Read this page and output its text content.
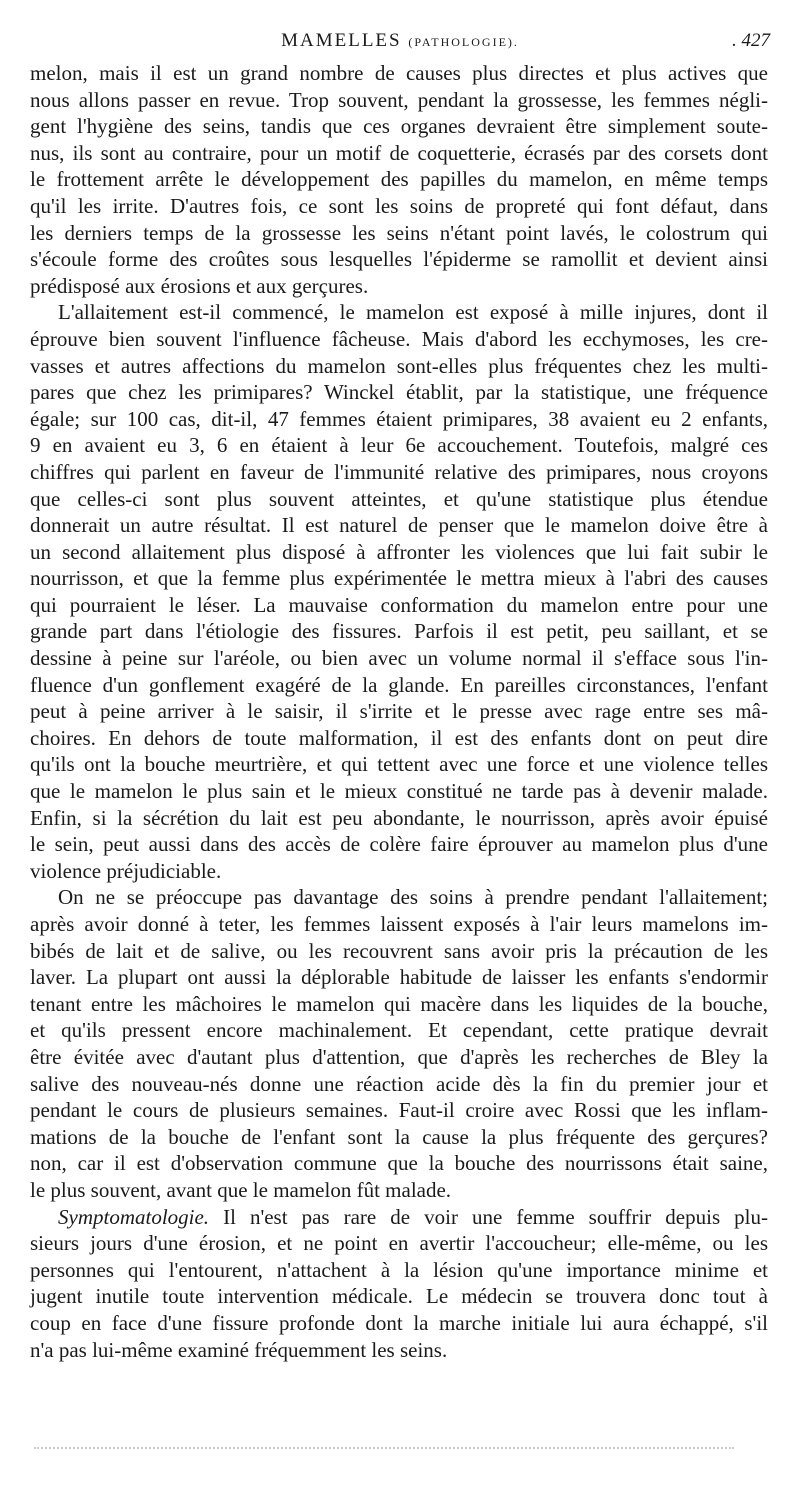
MAMELLES (PATHOLOGIE).	. 427
melon, mais il est un grand nombre de causes plus directes et plus actives que
nous allons passer en revue. Trop souvent, pendant la grossesse, les femmes négli-
gent l'hygiène des seins, tandis que ces organes devraient être simplement soute-
nus, ils sont au contraire, pour un motif de coquetterie, écrasés par des corsets dont
le frottement arrête le développement des papilles du mamelon, en même temps
qu'il les irrite. D'autres fois, ce sont les soins de propreté qui font défaut, dans
les derniers temps de la grossesse les seins n'étant point lavés, le colostrum qui
s'écoule forme des croûtes sous lesquelles l'épiderme se ramollit et devient ainsi
prédisposé aux érosions et aux gerçures.
L'allaitement est-il commencé, le mamelon est exposé à mille injures, dont il
éprouve bien souvent l'influence fâcheuse. Mais d'abord les ecchymoses, les cre-
vasses et autres affections du mamelon sont-elles plus fréquentes chez les multi-
pares que chez les primipares? Winckel établit, par la statistique, une fréquence
égale; sur 100 cas, dit-il, 47 femmes étaient primipares, 38 avaient eu 2 enfants,
9 en avaient eu 3, 6 en étaient à leur 6e accouchement. Toutefois, malgré ces
chiffres qui parlent en faveur de l'immunité relative des primipares, nous croyons
que celles-ci sont plus souvent atteintes, et qu'une statistique plus étendue
donnerait un autre résultat. Il est naturel de penser que le mamelon doive être à
un second allaitement plus disposé à affronter les violences que lui fait subir le
nourrisson, et que la femme plus expérimentée le mettra mieux à l'abri des causes
qui pourraient le léser. La mauvaise conformation du mamelon entre pour une
grande part dans l'étiologie des fissures. Parfois il est petit, peu saillant, et se
dessine à peine sur l'aréole, ou bien avec un volume normal il s'efface sous l'in-
fluence d'un gonflement exagéré de la glande. En pareilles circonstances, l'enfant
peut à peine arriver à le saisir, il s'irrite et le presse avec rage entre ses mâ-
choires. En dehors de toute malformation, il est des enfants dont on peut dire
qu'ils ont la bouche meurtrière, et qui tettent avec une force et une violence telles
que le mamelon le plus sain et le mieux constitué ne tarde pas à devenir malade.
Enfin, si la sécrétion du lait est peu abondante, le nourrisson, après avoir épuisé
le sein, peut aussi dans des accès de colère faire éprouver au mamelon plus d'une
violence préjudiciable.
On ne se préoccupe pas davantage des soins à prendre pendant l'allaitement;
après avoir donné à teter, les femmes laissent exposés à l'air leurs mamelons im-
bibés de lait et de salive, ou les recouvrent sans avoir pris la précaution de les
laver. La plupart ont aussi la déplorable habitude de laisser les enfants s'endormir
tenant entre les mâchoires le mamelon qui macère dans les liquides de la bouche,
et qu'ils pressent encore machinalement. Et cependant, cette pratique devrait
être évitée avec d'autant plus d'attention, que d'après les recherches de Bley la
salive des nouveau-nés donne une réaction acide dès la fin du premier jour et
pendant le cours de plusieurs semaines. Faut-il croire avec Rossi que les inflam-
mations de la bouche de l'enfant sont la cause la plus fréquente des gerçures?
non, car il est d'observation commune que la bouche des nourrissons était saine,
le plus souvent, avant que le mamelon fût malade.
Symptomatologie. Il n'est pas rare de voir une femme souffrir depuis plu-
sieurs jours d'une érosion, et ne point en avertir l'accoucheur; elle-même, ou les
personnes qui l'entourent, n'attachent à la lésion qu'une importance minime et
jugent inutile toute intervention médicale. Le médecin se trouvera donc tout à
coup en face d'une fissure profonde dont la marche initiale lui aura échappé, s'il
n'a pas lui-même examiné fréquemment les seins.
